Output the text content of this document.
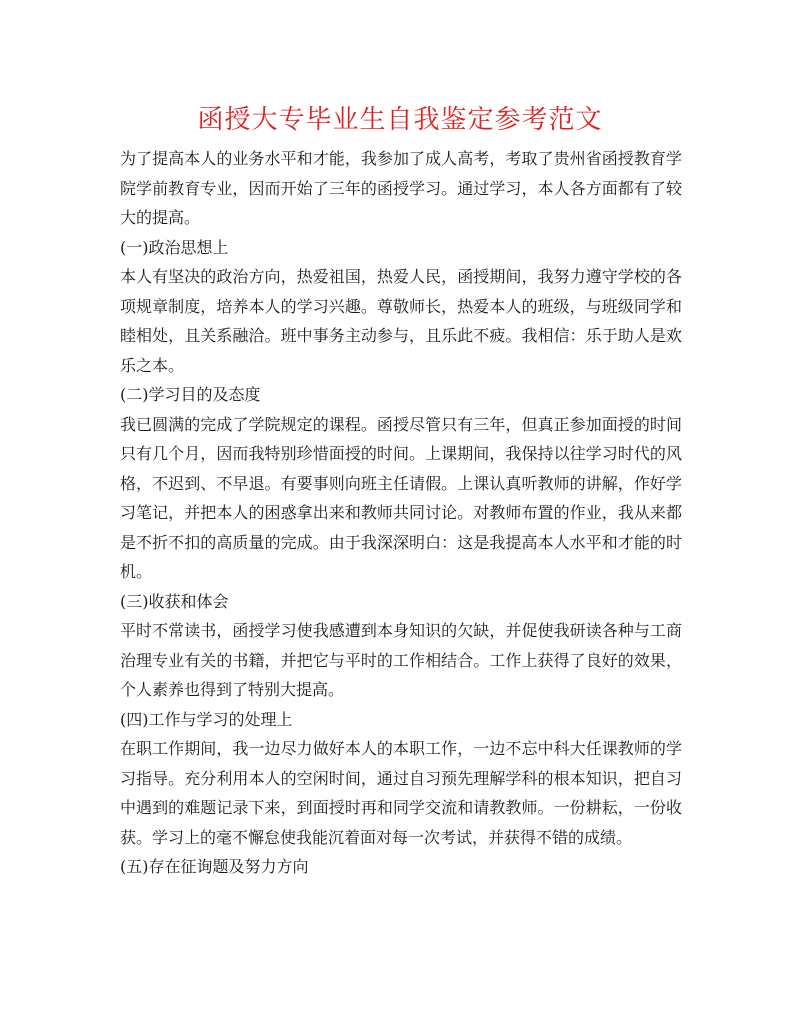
函授大专毕业生自我鉴定参考范文

为了提高本人的业务水平和才能，我参加了成人高考，考取了贵州省函授教育学院学前教育专业，因而开始了三年的函授学习。通过学习，本人各方面都有了较大的提高。

(一)政治思想上

本人有坚决的政治方向，热爱祖国，热爱人民，函授期间，我努力遵守学校的各项规章制度，培养本人的学习兴趣。尊敬师长，热爱本人的班级，与班级同学和睦相处，且关系融洽。班中事务主动参与，且乐此不疲。我相信：乐于助人是欢乐之本。

(二)学习目的及态度

我已圆满的完成了学院规定的课程。函授尽管只有三年，但真正参加面授的时间只有几个月，因而我特别珍惜面授的时间。上课期间，我保持以往学习时代的风格，不迟到、不早退。有要事则向班主任请假。上课认真听教师的讲解，作好学习笔记，并把本人的困惑拿出来和教师共同讨论。对教师布置的作业，我从来都是不折不扣的高质量的完成。由于我深深明白：这是我提高本人水平和才能的时机。

(三)收获和体会

平时不常读书，函授学习使我感遭到本身知识的欠缺，并促使我研读各种与工商治理专业有关的书籍，并把它与平时的工作相结合。工作上获得了良好的效果，个人素养也得到了特别大提高。

(四)工作与学习的处理上

在职工作期间，我一边尽力做好本人的本职工作，一边不忘中科大任课教师的学习指导。充分利用本人的空闲时间，通过自习预先理解学科的根本知识，把自习中遇到的难题记录下来，到面授时再和同学交流和请教教师。一份耕耘，一份收获。学习上的毫不懈怠使我能沉着面对每一次考试，并获得不错的成绩。

(五)存在征询题及努力方向
